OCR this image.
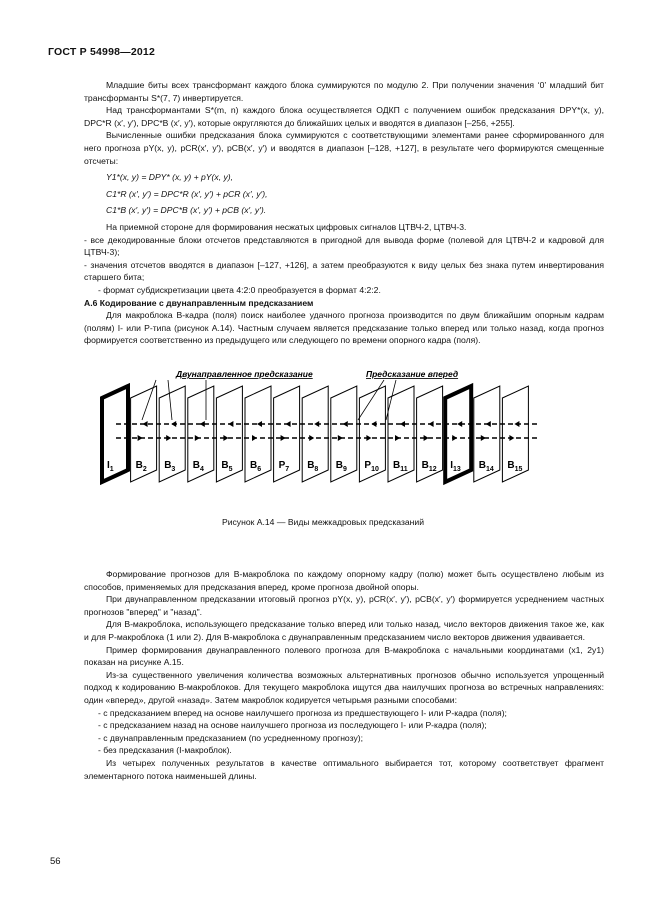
ГОСТ Р 54998—2012

Младшие биты всех трансформант каждого блока суммируются по модулю 2. При получении значения ‘0’ младший бит трансформанты S*(7, 7) инвертируется.

Над трансформантами S*(m, n) каждого блока осуществляется ОДКП с получением ошибок предсказания DPY*(x, y), DPC*R (x′, y′), DPC*B (x′, y′), которые округляются до ближайших целых и вводятся в диапазон [–256, +255].

Вычисленные ошибки предсказания блока суммируются с соответствующими элементами ранее сформированного для него прогноза pY(x, y), pCR(x′, y′), pCB(x′, y′) и вводятся в диапазон [–128, +127], в результате чего формируются смещенные отсчеты:

Y1*(x, y) = DPY* (x, y) + pY(x, y),

C1*R (x′, y′) = DPC*R (x′, y′) + pCR (x′, y′),

C1*B (x′, y′) = DPC*B (x′, y′) + pCB (x′, y′).

На приемной стороне для формирования несжатых цифровых сигналов ЦТВЧ-2, ЦТВЧ-3.

- все декодированные блоки отсчетов представляются в пригодной для вывода форме (полевой для ЦТВЧ-2 и кадровой для ЦТВЧ-3);

- значения отсчетов вводятся в диапазон [–127, +126], а затем преобразуются к виду целых без знака путем инвертирования старшего бита;

- формат субдискретизации цвета 4:2:0 преобразуется в формат 4:2:2.

А.6 Кодирование с двунаправленным предсказанием

Для макроблока В-кадра (поля) поиск наиболее удачного прогноза производится по двум ближайшим опорным кадрам (полям) I- или Р-типа (рисунок А.14). Частным случаем является предсказание только вперед или только назад, когда прогноз формируется соответственно из предыдущего или следующего по времени опорного кадра (поля).

Двунаправленное предсказание	Предсказание вперед
$I_1$ $B_2$ $B_3$ $B_4$ $B_5$ $B_6$ $P_7$ $B_8$ $B_9$ $P_{10}$ $B_{11}$ $B_{12}$ $I_{13}$ $B_{14}$ $B_{15}$
Рисунок А.14 — Виды межкадровых предсказаний

Формирование прогнозов для В-макроблока по каждому опорному кадру (полю) может быть осуществлено любым из способов, применяемых для предсказания вперед, кроме прогноза двойной опоры.

При двунаправленном предсказании итоговый прогноз pY(x, y), pCR(x′, y′), pCB(x′, y′) формируется усреднением частных прогнозов "вперед" и "назад".

Для В-макроблока, использующего предсказание только вперед или только назад, число векторов движения такое же, как и для Р-макроблока (1 или 2). Для В-макроблока с двунаправленным предсказанием число векторов движения удваивается.

Пример формирования двунаправленного полевого прогноза для В-макроблока с начальными координатами (x1, 2y1) показан на рисунке А.15.

Из-за существенного увеличения количества возможных альтернативных прогнозов обычно используется упрощенный подход к кодированию В-макроблоков. Для текущего макроблока ищутся два наилучших прогноза во встречных направлениях: один «вперед», другой «назад». Затем макроблок кодируется четырьмя разными способами:

- с предсказанием вперед на основе наилучшего прогноза из предшествующего I- или Р-кадра (поля);

- с предсказанием назад на основе наилучшего прогноза из последующего I- или Р-кадра (поля);

- с двунаправленным предсказанием (по усредненному прогнозу);

- без предсказания (I-макроблок).

Из четырех полученных результатов в качестве оптимального выбирается тот, которому соответствует фрагмент элементарного потока наименьшей длины.

56
